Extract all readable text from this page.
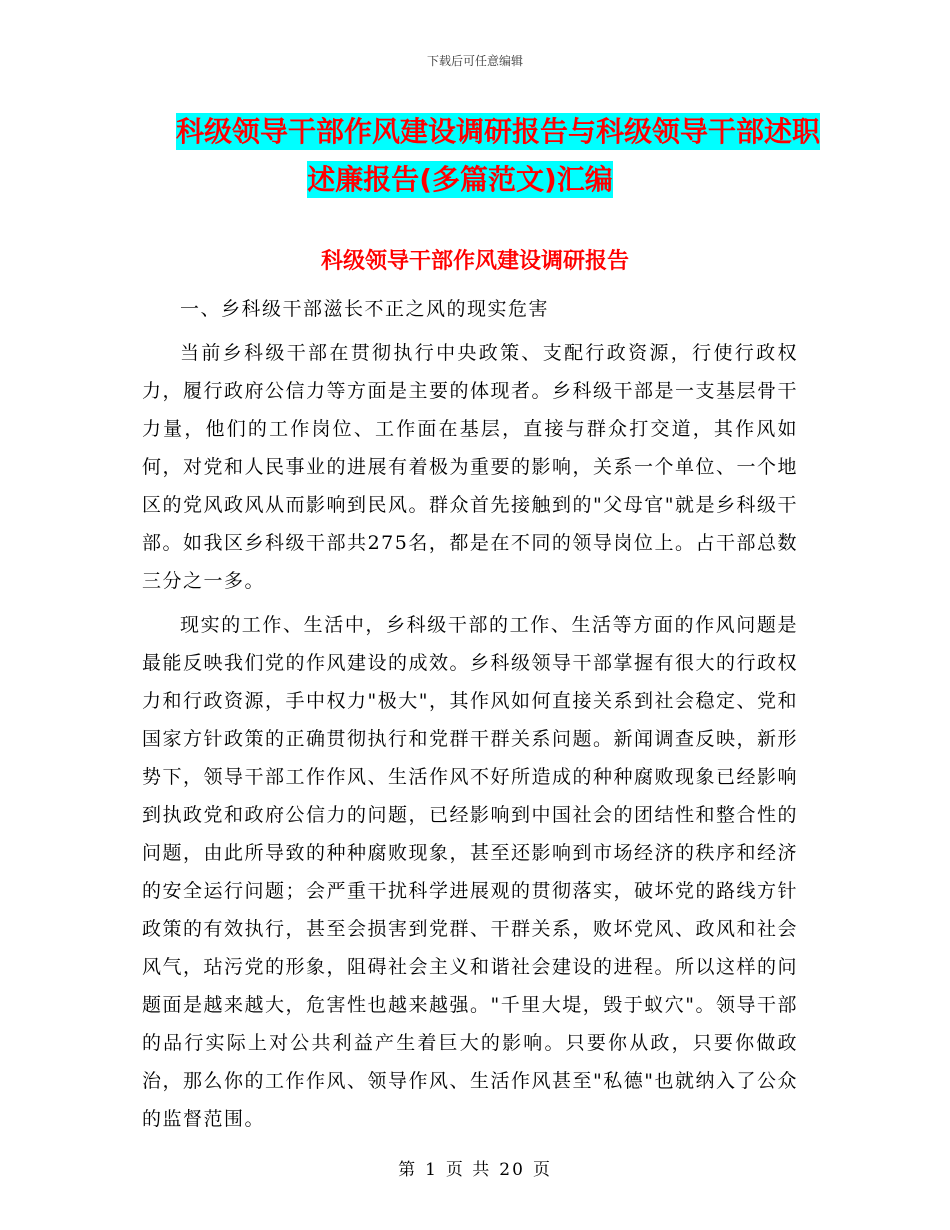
下载后可任意编辑
科级领导干部作风建设调研报告与科级领导干部述职
述廉报告(多篇范文)汇编
科级领导干部作风建设调研报告

一、乡科级干部滋长不正之风的现实危害

当前乡科级干部在贯彻执行中央政策、支配行政资源，行使行政权力，履行政府公信力等方面是主要的体现者。乡科级干部是一支基层骨干力量，他们的工作岗位、工作面在基层，直接与群众打交道，其作风如何，对党和人民事业的进展有着极为重要的影响，关系一个单位、一个地区的党风政风从而影响到民风。群众首先接触到的"父母官"就是乡科级干部。如我区乡科级干部共275名，都是在不同的领导岗位上。占干部总数三分之一多。

现实的工作、生活中，乡科级干部的工作、生活等方面的作风问题是最能反映我们党的作风建设的成效。乡科级领导干部掌握有很大的行政权力和行政资源，手中权力"极大"，其作风如何直接关系到社会稳定、党和国家方针政策的正确贯彻执行和党群干群关系问题。新闻调查反映，新形势下，领导干部工作作风、生活作风不好所造成的种种腐败现象已经影响到执政党和政府公信力的问题，已经影响到中国社会的团结性和整合性的问题，由此所导致的种种腐败现象，甚至还影响到市场经济的秩序和经济的安全运行问题；会严重干扰科学进展观的贯彻落实，破坏党的路线方针政策的有效执行，甚至会损害到党群、干群关系，败坏党风、政风和社会风气，玷污党的形象，阻碍社会主义和谐社会建设的进程。所以这样的问题面是越来越大，危害性也越来越强。"千里大堤，毁于蚁穴"。领导干部的品行实际上对公共利益产生着巨大的影响。只要你从政，只要你做政治，那么你的工作作风、领导作风、生活作风甚至"私德"也就纳入了公众的监督范围。

第 1 页 共 20 页
